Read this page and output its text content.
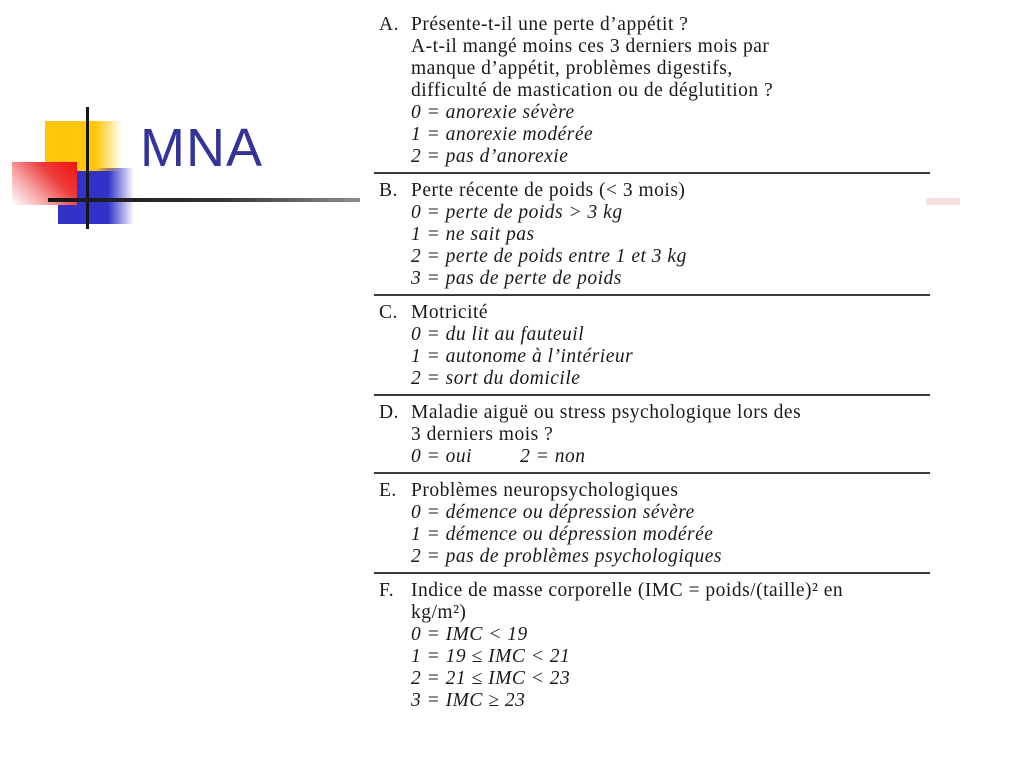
MNA
A. Présente-t-il une perte d’appétit ?
A-t-il mangé moins ces 3 derniers mois par
manque d’appétit, problèmes digestifs,
difficulté de mastication ou de déglutition ?
0 = anorexie sévère
1 = anorexie modérée
2 = pas d’anorexie
B. Perte récente de poids (< 3 mois)
0 = perte de poids > 3 kg
1 = ne sait pas
2 = perte de poids entre 1 et 3 kg
3 = pas de perte de poids
C. Motricité
0 = du lit au fauteuil
1 = autonome à l’intérieur
2 = sort du domicile
D. Maladie aiguë ou stress psychologique lors des
3 derniers mois ?
0 = oui 2 = non
E. Problèmes neuropsychologiques
0 = démence ou dépression sévère
1 = démence ou dépression modérée
2 = pas de problèmes psychologiques
F. Indice de masse corporelle (IMC = poids/(taille)² en
kg/m²)
0 = IMC < 19
1 = 19 ≤ IMC < 21
2 = 21 ≤ IMC < 23
3 = IMC ≥ 23
